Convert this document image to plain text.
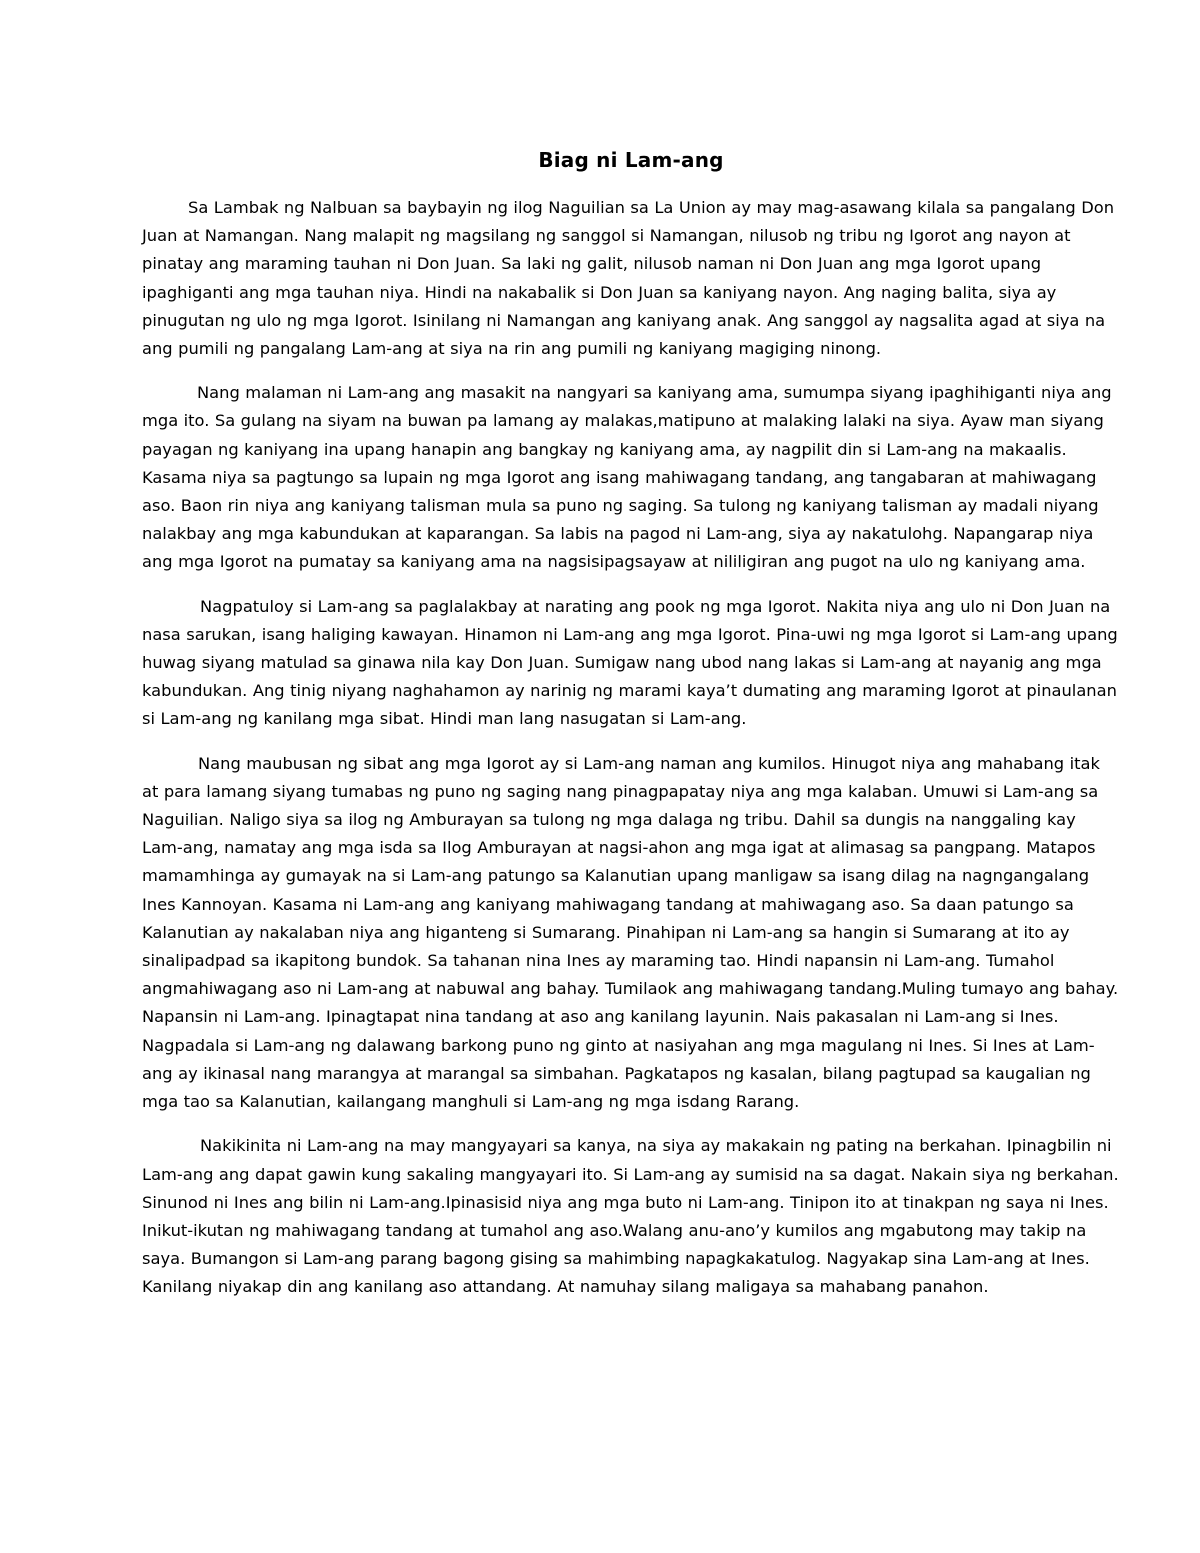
Biag ni Lam-ang

Sa Lambak ng Nalbuan sa baybayin ng ilog Naguilian sa La Union ay may mag-asawang kilala sa pangalang Don Juan at Namangan. Nang malapit ng magsilang ng sanggol si Namangan, nilusob ng tribu ng Igorot ang nayon at pinatay ang maraming tauhan ni Don Juan. Sa laki ng galit, nilusob naman ni Don Juan ang mga Igorot upang ipaghiganti ang mga tauhan niya. Hindi na nakabalik si Don Juan sa kaniyang nayon. Ang naging balita, siya ay pinugutan ng ulo ng mga Igorot. Isinilang ni Namangan ang kaniyang anak. Ang sanggol ay nagsalita agad at siya na ang pumili ng pangalang Lam-ang at siya na rin ang pumili ng kaniyang magiging ninong.

Nang malaman ni Lam-ang ang masakit na nangyari sa kaniyang ama, sumumpa siyang ipaghihiganti niya ang mga ito. Sa gulang na siyam na buwan pa lamang ay malakas,matipuno at malaking lalaki na siya. Ayaw man siyang payagan ng kaniyang ina upang hanapin ang bangkay ng kaniyang ama, ay nagpilit din si Lam-ang na makaalis. Kasama niya sa pagtungo sa lupain ng mga Igorot ang isang mahiwagang tandang, ang tangabaran at mahiwagang aso. Baon rin niya ang kaniyang talisman mula sa puno ng saging. Sa tulong ng kaniyang talisman ay madali niyang nalakbay ang mga kabundukan at kaparangan. Sa labis na pagod ni Lam-ang, siya ay nakatulohg. Napangarap niya ang mga Igorot na pumatay sa kaniyang ama na nagsisipagsayaw at nililigiran ang pugot na ulo ng kaniyang ama.

Nagpatuloy si Lam-ang sa paglalakbay at narating ang pook ng mga Igorot. Nakita niya ang ulo ni Don Juan na nasa sarukan, isang haliging kawayan. Hinamon ni Lam-ang ang mga Igorot. Pina-uwi ng mga Igorot si Lam-ang upang huwag siyang matulad sa ginawa nila kay Don Juan. Sumigaw nang ubod nang lakas si Lam-ang at nayanig ang mga kabundukan. Ang tinig niyang naghahamon ay narinig ng marami kaya’t dumating ang maraming Igorot at pinaulanan si Lam-ang ng kanilang mga sibat. Hindi man lang nasugatan si Lam-ang.

Nang maubusan ng sibat ang mga Igorot ay si Lam-ang naman ang kumilos. Hinugot niya ang mahabang itak at para lamang siyang tumabas ng puno ng saging nang pinagpapatay niya ang mga kalaban. Umuwi si Lam-ang sa Naguilian. Naligo siya sa ilog ng Amburayan sa tulong ng mga dalaga ng tribu. Dahil sa dungis na nanggaling kay Lam-ang, namatay ang mga isda sa Ilog Amburayan at nagsi-ahon ang mga igat at alimasag sa pangpang. Matapos mamamhinga ay gumayak na si Lam-ang patungo sa Kalanutian upang manligaw sa isang dilag na nagngangalang Ines Kannoyan. Kasama ni Lam-ang ang kaniyang mahiwagang tandang at mahiwagang aso. Sa daan patungo sa Kalanutian ay nakalaban niya ang higanteng si Sumarang. Pinahipan ni Lam-ang sa hangin si Sumarang at ito ay sinalipadpad sa ikapitong bundok. Sa tahanan nina Ines ay maraming tao. Hindi napansin ni Lam-ang. Tumahol angmahiwagang aso ni Lam-ang at nabuwal ang bahay. Tumilaok ang mahiwagang tandang.Muling tumayo ang bahay. Napansin ni Lam-ang. Ipinagtapat nina tandang at aso ang kanilang layunin. Nais pakasalan ni Lam-ang si Ines. Nagpadala si Lam-ang ng dalawang barkong puno ng ginto at nasiyahan ang mga magulang ni Ines. Si Ines at Lam-ang ay ikinasal nang marangya at marangal sa simbahan. Pagkatapos ng kasalan, bilang pagtupad sa kaugalian ng mga tao sa Kalanutian, kailangang manghuli si Lam-ang ng mga isdang Rarang.

Nakikinita ni Lam-ang na may mangyayari sa kanya, na siya ay makakain ng pating na berkahan. Ipinagbilin ni Lam-ang ang dapat gawin kung sakaling mangyayari ito. Si Lam-ang ay sumisid na sa dagat. Nakain siya ng berkahan. Sinunod ni Ines ang bilin ni Lam-ang.Ipinasisid niya ang mga buto ni Lam-ang. Tinipon ito at tinakpan ng saya ni Ines. Inikut-ikutan ng mahiwagang tandang at tumahol ang aso.Walang anu-ano’y kumilos ang mgabutong may takip na saya. Bumangon si Lam-ang parang bagong gising sa mahimbing napagkakatulog. Nagyakap sina Lam-ang at Ines. Kanilang niyakap din ang kanilang aso attandang. At namuhay silang maligaya sa mahabang panahon.
